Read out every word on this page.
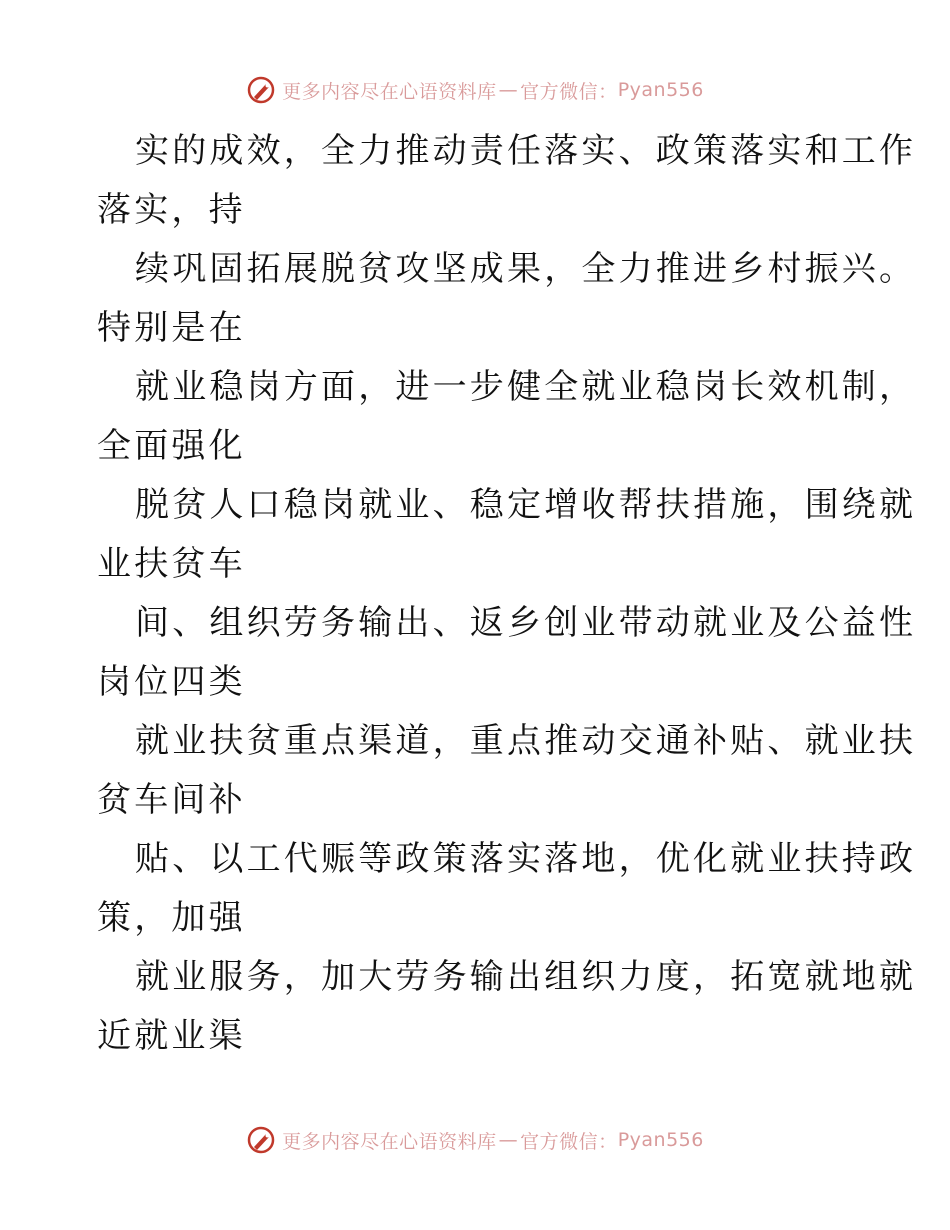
更多内容尽在心语资料库 — 官方微信： Pyan556
实的成效，全力推动责任落实、政策落实和工作
落实，持
续巩固拓展脱贫攻坚成果，全力推进乡村振兴。
特别是在
就业稳岗方面，进一步健全就业稳岗长效机制，
全面强化
脱贫人口稳岗就业、稳定增收帮扶措施，围绕就
业扶贫车
间、组织劳务输出、返乡创业带动就业及公益性
岗位四类
就业扶贫重点渠道，重点推动交通补贴、就业扶
贫车间补
贴、以工代赈等政策落实落地，优化就业扶持政
策，加强
就业服务，加大劳务输出组织力度，拓宽就地就
近就业渠
更多内容尽在心语资料库 — 官方微信： Pyan556
